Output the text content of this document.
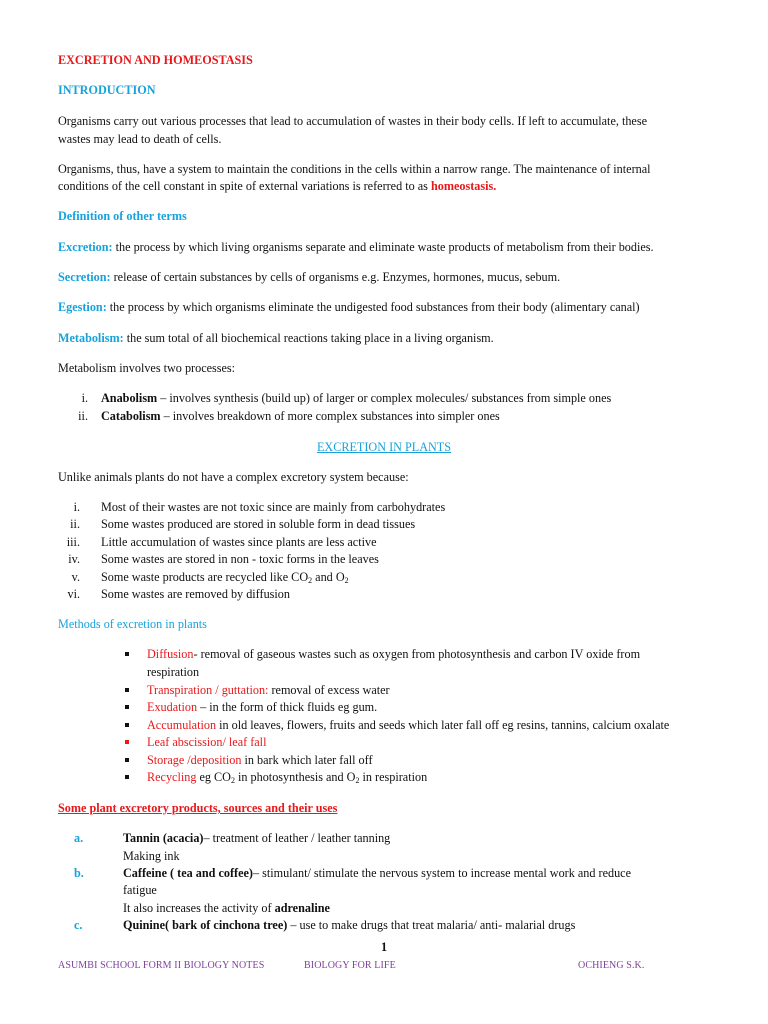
EXCRETION AND HOMEOSTASIS
INTRODUCTION
Organisms carry out various processes that lead to accumulation of wastes in their body cells. If left to accumulate, these
wastes may lead to death of cells.
Organisms, thus, have a system to maintain the conditions in the cells within a narrow range. The maintenance of internal
conditions of the cell constant in spite of external variations is referred to as homeostasis.
Definition of other terms
Excretion: the process by which living organisms separate and eliminate waste products of metabolism from their bodies.
Secretion: release of certain substances by cells of organisms e.g. Enzymes, hormones, mucus, sebum.
Egestion: the process by which organisms eliminate the undigested food substances from their body (alimentary canal)
Metabolism: the sum total of all biochemical reactions taking place in a living organism.
Metabolism involves two processes:
i. Anabolism – involves synthesis (build up) of larger or complex molecules/ substances from simple ones
ii. Catabolism – involves breakdown of more complex substances into simpler ones
EXCRETION IN PLANTS
Unlike animals plants do not have a complex excretory system because:
i. Most of their wastes are not toxic since are mainly from carbohydrates
ii. Some wastes produced are stored in soluble form in dead tissues
iii. Little accumulation of wastes since plants are less active
iv. Some wastes are stored in non - toxic forms in the leaves
v. Some waste products are recycled like $CO_2$ and $O_2$
vi. Some wastes are removed by diffusion
Methods of excretion in plants
Diffusion- removal of gaseous wastes such as oxygen from photosynthesis and carbon IV oxide from
respiration
Transpiration / guttation: removal of excess water
Exudation – in the form of thick fluids eg gum.
Accumulation in old leaves, flowers, fruits and seeds which later fall off eg resins, tannins, calcium oxalate
Leaf abscission/ leaf fall
Storage /deposition in bark which later fall off
Recycling eg $CO_2$ in photosynthesis and $O_2$ in respiration
Some plant excretory products, sources and their uses
a.	Tannin (acacia)– treatment of leather / leather tanning
Making ink
b.	Caffeine ( tea and coffee)– stimulant/ stimulate the nervous system to increase mental work and reduce
fatigue
It also increases the activity of adrenaline
c.	Quinine( bark of cinchona tree) – use to make drugs that treat malaria/ anti- malarial drugs
1
ASUMBI SCHOOL FORM II BIOLOGY NOTES	BIOLOGY FOR LIFE	OCHIENG S.K.
